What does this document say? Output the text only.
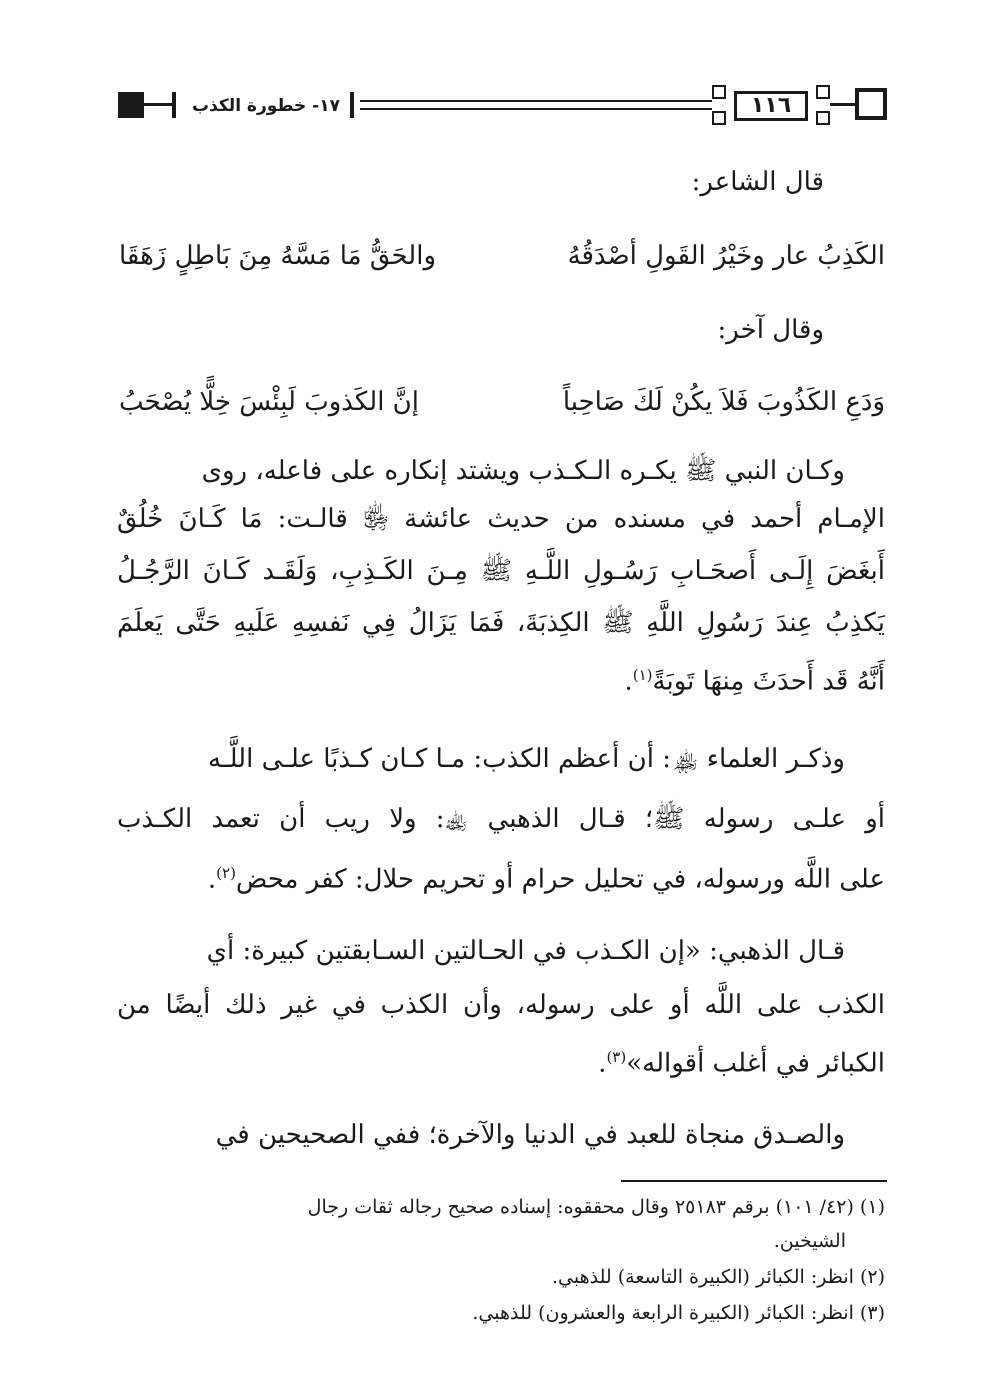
١١٦
١٧- خطورة الكذب
قال الشاعر:
الكَذِبُ عار وخَيْرُ القَولِ أصْدَقُهُ
والحَقُّ مَا مَسَّهُ مِنَ بَاطِلٍ زَهَقَا
وقال آخر:
وَدَعِ الكَذُوبَ فَلاَ يكُنْ لَكَ صَاحِباً
إنَّ الكَذوبَ لَبِئْسَ خِلًّا يُصْحَبُ
وكـان النبي ﷺ يكـره الـكـذب ويشتد إنكاره على فاعله، روى
الإمـام أحمد في مسنده من حديث عائشة ﵂ قالـت: مَا كَـانَ خُلُقٌ
أَبغَضَ إِلَـى أَصحَـابِ رَسُـولِ اللَّـهِ ﷺ مِـنَ الكَـذِبِ، وَلَقَـد كَـانَ الرَّجُـلُ
يَكذِبُ عِندَ رَسُولِ اللَّهِ ﷺ الكِذبَةَ، فَمَا يَزَالُ فِي نَفسِهِ عَلَيهِ حَتَّى يَعلَمَ
أَنَّهُ قَد أَحدَثَ مِنهَا تَوبَةً$^{(١)}$.
وذكـر العلماء ﵏: أن أعظم الكذب: مـا كـان كـذبًا علـى اللَّـه
أو علـى رسوله ﷺ؛ قـال الذهبي ﵀: ولا ريب أن تعمد الكـذب
على اللَّه ورسوله، في تحليل حرام أو تحريم حلال: كفر محض$^{(٢)}$.
قـال الذهبي: «إن الكـذب في الحـالتين السـابقتين كبيرة: أي
الكذب على اللَّه أو على رسوله، وأن الكذب في غير ذلك أيضًا من
الكبائر في أغلب أقواله»$^{(٣)}$.
والصـدق منجاة للعبد في الدنيا والآخرة؛ ففي الصحيحين في
(١) (٤٢/ ١٠١) برقم ٢٥١٨٣ وقال محققوه: إسناده صحيح رجاله ثقات رجال
الشيخين.
(٢) انظر: الكبائر (الكبيرة التاسعة) للذهبي.
(٣) انظر: الكبائر (الكبيرة الرابعة والعشرون) للذهبي.
